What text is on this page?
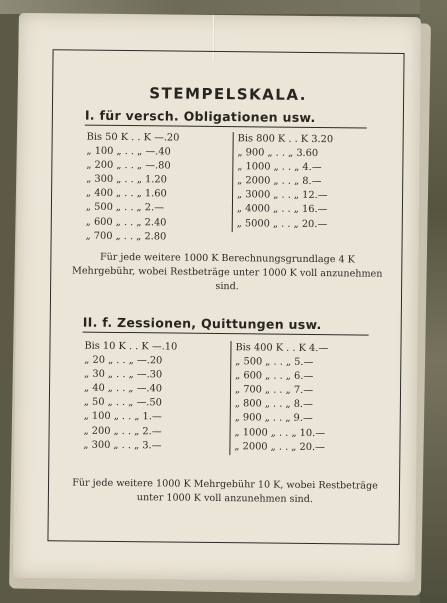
STEMPELSKALA.
I. für versch. Obligationen usw.
Bis 50 K . . K —.20
„ 100 „ . . „ —.40
„ 200 „ . . „ —.80
„ 300 „ . . „ 1.20
„ 400 „ . . „ 1.60
„ 500 „ . . „ 2.—
„ 600 „ . . „ 2.40
„ 700 „ . . „ 2.80
Bis 800 K . . K 3.20
„ 900 „ . . „ 3.60
„ 1000 „ . . „ 4.—
„ 2000 „ . . „ 8.—
„ 3000 „ . . „ 12.—
„ 4000 „ . . „ 16.—
„ 5000 „ . . „ 20.—
Für jede weitere 1000 K Berechnungsgrundlage 4 K Mehrgebühr, wobei Restbeträge unter 1000 K voll anzunehmen sind.
II. f. Zessionen, Quittungen usw.
Bis 10 K . . K —.10
„ 20 „ . . „ —.20
„ 30 „ . . „ —.30
„ 40 „ . . „ —.40
„ 50 „ . . „ —.50
„ 100 „ . . „ 1.—
„ 200 „ . . „ 2.—
„ 300 „ . . „ 3.—
Bis 400 K . . K 4.—
„ 500 „ . . „ 5.—
„ 600 „ . . „ 6.—
„ 700 „ . . „ 7.—
„ 800 „ . . „ 8.—
„ 900 „ . . „ 9.—
„ 1000 „ . . „ 10.—
„ 2000 „ . . „ 20.—
Für jede weitere 1000 K Mehrgebühr 10 K, wobei Restbeträge unter 1000 K voll anzunehmen sind.
